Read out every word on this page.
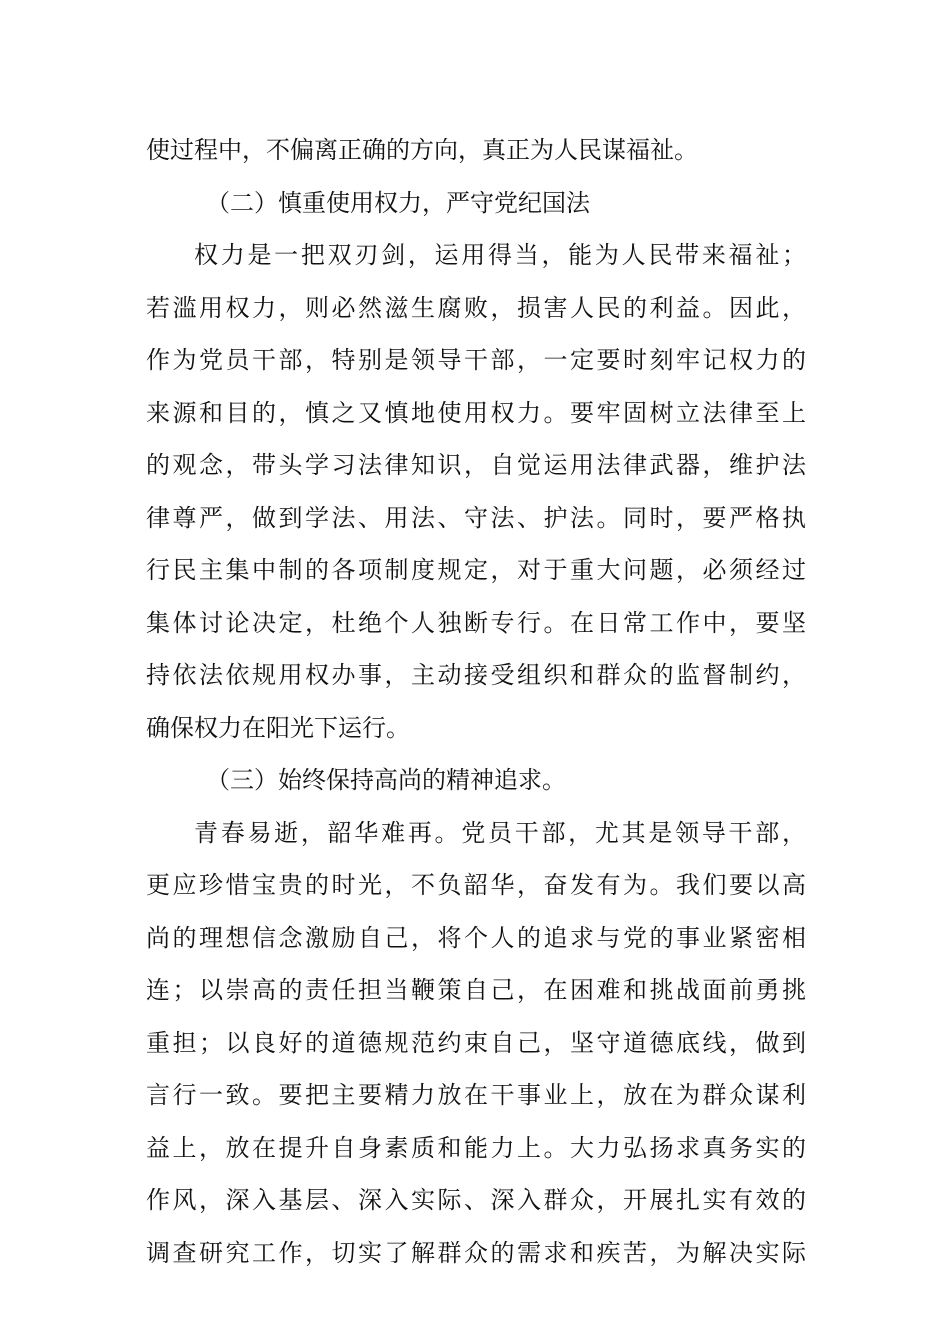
使过程中，不偏离正确的方向，真正为人民谋福祉。
（二）慎重使用权力，严守党纪国法
权力是一把双刃剑，运用得当，能为人民带来福祉；
若滥用权力，则必然滋生腐败，损害人民的利益。因此，
作为党员干部，特别是领导干部，一定要时刻牢记权力的
来源和目的，慎之又慎地使用权力。要牢固树立法律至上
的观念，带头学习法律知识，自觉运用法律武器，维护法
律尊严，做到学法、用法、守法、护法。同时，要严格执
行民主集中制的各项制度规定，对于重大问题，必须经过
集体讨论决定，杜绝个人独断专行。在日常工作中，要坚
持依法依规用权办事，主动接受组织和群众的监督制约，
确保权力在阳光下运行。
（三）始终保持高尚的精神追求。
青春易逝，韶华难再。党员干部，尤其是领导干部，
更应珍惜宝贵的时光，不负韶华，奋发有为。我们要以高
尚的理想信念激励自己，将个人的追求与党的事业紧密相
连；以崇高的责任担当鞭策自己，在困难和挑战面前勇挑
重担；以良好的道德规范约束自己，坚守道德底线，做到
言行一致。要把主要精力放在干事业上，放在为群众谋利
益上，放在提升自身素质和能力上。大力弘扬求真务实的
作风，深入基层、深入实际、深入群众，开展扎实有效的
调查研究工作，切实了解群众的需求和疾苦，为解决实际
